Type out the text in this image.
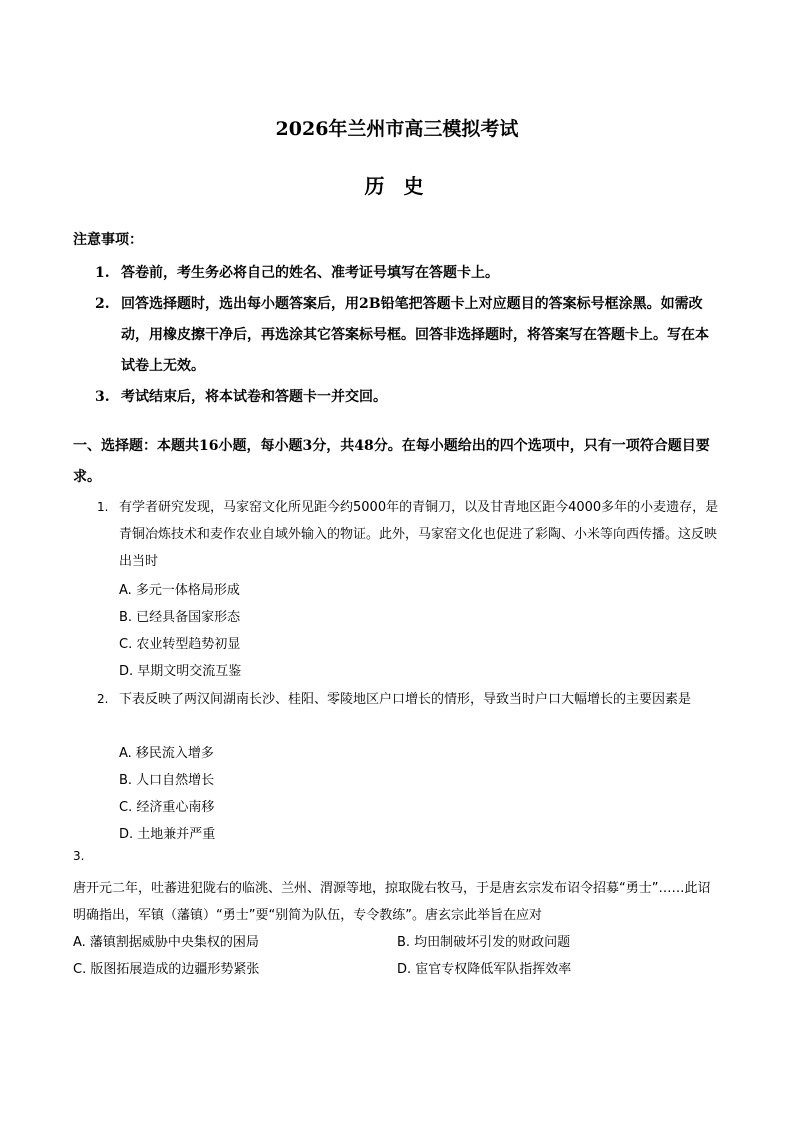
2026年兰州市高三模拟考试
历 史
注意事项：
1. 答卷前，考生务必将自己的姓名、准考证号填写在答题卡上。
2. 回答选择题时，选出每小题答案后，用2B铅笔把答题卡上对应题目的答案标号框涂黑。如需改动，用橡皮擦干净后，再选涂其它答案标号框。回答非选择题时，将答案写在答题卡上。写在本试卷上无效。
3. 考试结束后，将本试卷和答题卡一并交回。
一、选择题：本题共16小题，每小题3分，共48分。在每小题给出的四个选项中，只有一项符合题目要求。
1. 有学者研究发现，马家窑文化所见距今约5000年的青铜刀，以及甘青地区距今4000多年的小麦遗存，是青铜冶炼技术和麦作农业自域外输入的物证。此外，马家窑文化也促进了彩陶、小米等向西传播。这反映出当时
A. 多元一体格局形成
B. 已经具备国家形态
C. 农业转型趋势初显
D. 早期文明交流互鉴
2. 下表反映了两汉间湖南长沙、桂阳、零陵地区户口增长的情形，导致当时户口大幅增长的主要因素是
A. 移民流入增多
B. 人口自然增长
C. 经济重心南移
D. 土地兼并严重
3.
唐开元二年，吐蕃进犯陇右的临洮、兰州、渭源等地，掠取陇右牧马，于是唐玄宗发布诏令招募“勇士”……此诏明确指出，军镇（藩镇）“勇士”要“别简为队伍，专令教练”。唐玄宗此举旨在应对
A. 藩镇割据威胁中央集权的困局	B. 均田制破坏引发的财政问题
C. 版图拓展造成的边疆形势紧张	D. 宦官专权降低军队指挥效率
